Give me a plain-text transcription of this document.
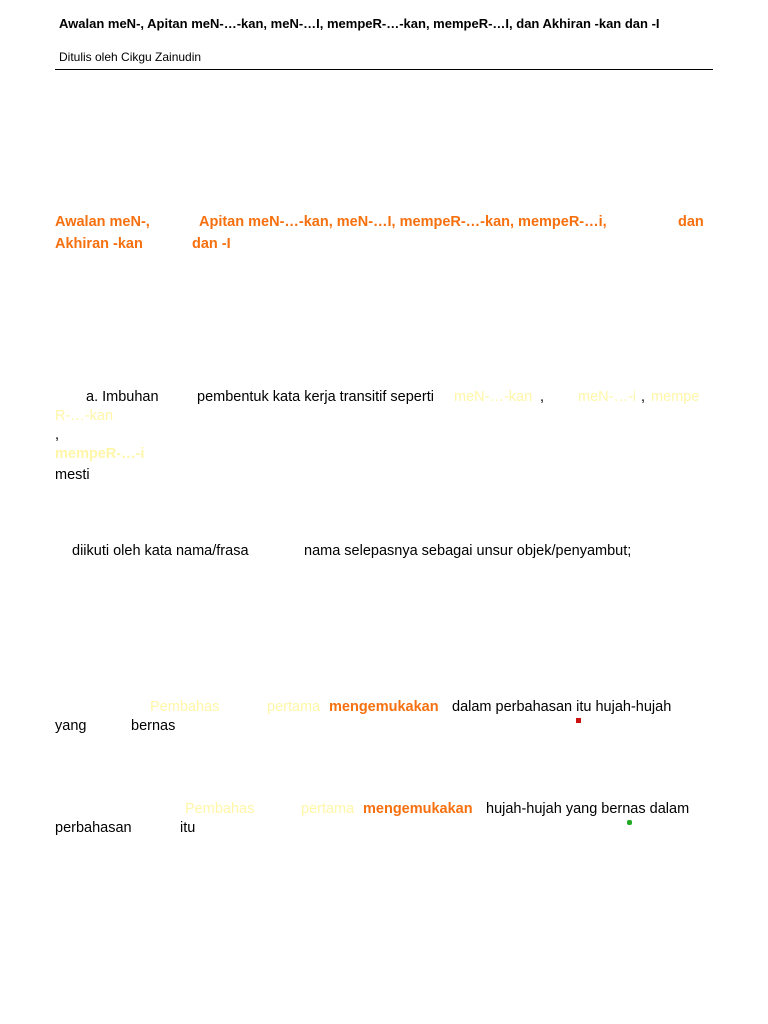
Awalan meN-, Apitan meN-…-kan, meN-…I, mempeR-…-kan, mempeR-…I, dan Akhiran -kan dan -I
Ditulis oleh Cikgu Zainudin
Awalan meN-,	Apitan meN-…-kan, meN-…I, mempeR-…-kan, mempeR-…i,	dan
Akhiran -kan	dan -I
a. Imbuhan	pembentuk kata kerja transitif seperti meN-…-kan , meN-…-i , mempe
R-…-kan
,
mempeR-…-i
mesti
diikuti oleh kata nama/frasa	nama selepasnya sebagai unsur objek/penyambut;
Pembahas	pertama mengemukakan dalam perbahasan itu hujah-hujah
yang	bernas
Pembahas	pertama mengemukakan hujah-hujah yang bernas dalam
perbahasan	itu
